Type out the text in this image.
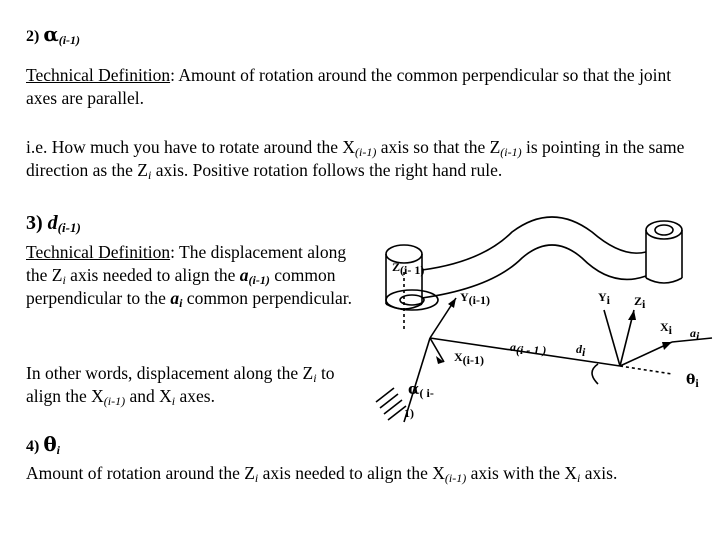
2) $\alpha_{(i-1)}$
Technical Definition: Amount of rotation around the common perpendicular so that the joint axes are parallel.
i.e. How much you have to rotate around the $X_{(i-1)}$ axis so that the $Z_{(i-1)}$ is pointing in the same direction as the $Z_i$ axis. Positive rotation follows the right hand rule.
3) $d_{(i-1)}$
Technical Definition: The displacement along the $Z_i$ axis needed to align the $a_{(i-1)}$ common perpendicular to the $a_i$ common perpendicular.
In other words, displacement along the $Z_i$ to align the $X_{(i-1)}$ and $X_i$ axes.
$Z_{(i- 1)}$
$Y_{(i-1)}$	$Y_i$ $Z_i$
$X_i$ $a_i$
$a_{(i - 1 )}$
$X_{(i-1)}$
$d_i$
$\alpha_{( i-}$
1)
$\theta_i$
4) $\theta_i$
Amount of rotation around the $Z_i$ axis needed to align the $X_{(i-1)}$ axis with the $X_i$ axis.
